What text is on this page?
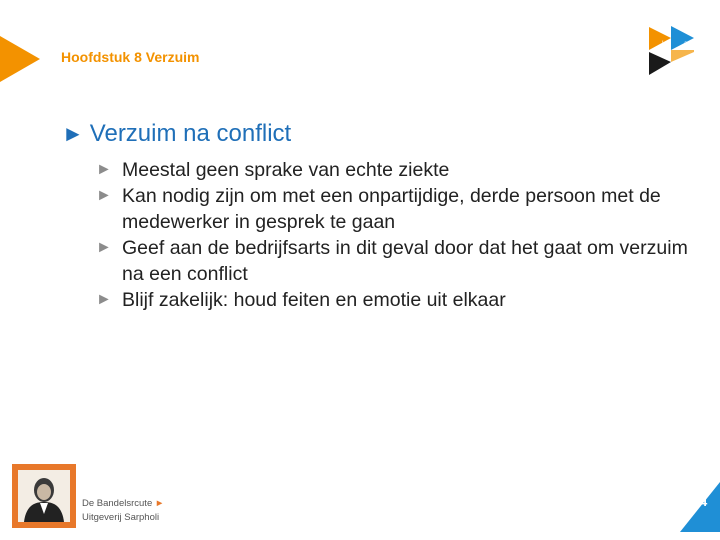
Hoofdstuk 8 Verzuim
L	a
► Verzuim na conflict
► Meestal geen sprake van echte ziekte
► Kan nodig zijn om met een onpartijdige, derde persoon met de medewerker in gesprek te gaan
► Geef aan de bedrijfsarts in dit geval door dat het gaat om verzuim na een conflict
► Blijf zakelijk: houd feiten en emotie uit elkaar
De Bandelsrcute ►
Uitgeverij Sarpholi
4
